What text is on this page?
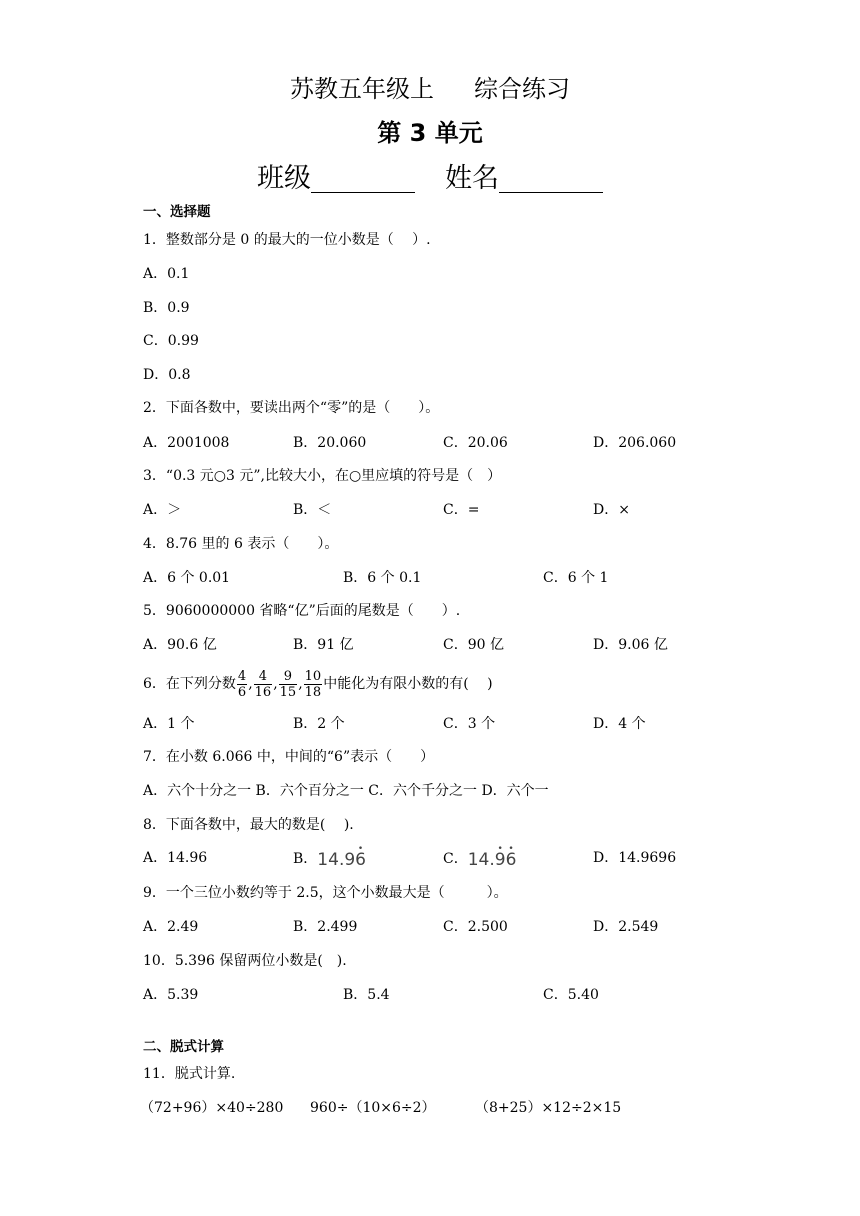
苏教五年级上 综合练习
第 3 单元
班级	姓名
一、选择题
1．整数部分是 0 的最大的一位小数是（　 ）.
A．0.1
B．0.9
C．0.99
D．0.8
2．下面各数中，要读出两个“零”的是（　　）。
A．2001008	B．20.060	C．20.06	D．206.060
3．“0.3 元○3 元”,比较大小，在○里应填的符号是（　）
A．＞	B．＜	C．=	D．×
4．8.76 里的 6 表示（　　）。
A．6 个 0.01	B．6 个 0.1	C．6 个 1
5．9060000000 省略“亿”后面的尾数是（　　）.
A．90.6 亿	B．91 亿	C．90 亿	D．9.06 亿
6．在下列分数 $\frac{4}{6}$ , $\frac{4}{16}$ , $\frac{9}{15}$ , $\frac{10}{18}$ 中能化为有限小数的有(　 )
A．1 个	B．2 个	C．3 个	D．4 个
7．在小数 6.066 中，中间的“6”表示（　　）
A．六个十分之一 B．六个百分之一 C．六个千分之一 D．六个一
8．下面各数中，最大的数是(　 ).
A．14.96	B．14.96 •	C．14.9 •6 •	D．14.9696
9．一个三位小数约等于 2.5，这个小数最大是（　　　）。
A．2.49	B．2.499	C．2.500	D．2.549
10．5.396 保留两位小数是(　).
A．5.39	B．5.4	C．5.40
二、脱式计算
11．脱式计算.
（72+96）×40÷280 960÷（10×6÷2）	（8+25）×12÷2×15
